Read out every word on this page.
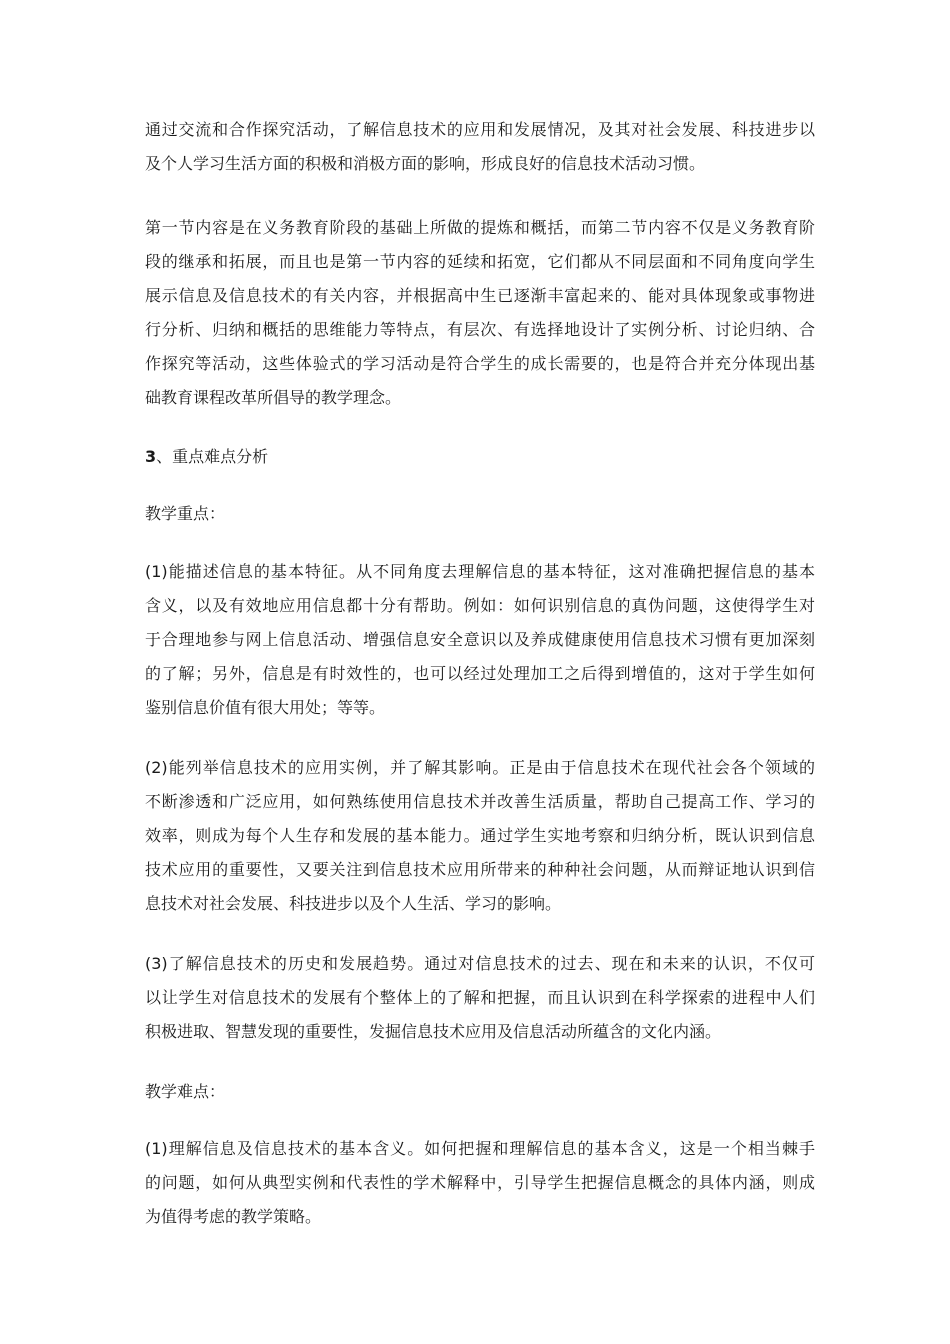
通过交流和合作探究活动，了解信息技术的应用和发展情况，及其对社会发展、科技进步以
及个人学习生活方面的积极和消极方面的影响，形成良好的信息技术活动习惯。
第一节内容是在义务教育阶段的基础上所做的提炼和概括，而第二节内容不仅是义务教育阶
段的继承和拓展，而且也是第一节内容的延续和拓宽，它们都从不同层面和不同角度向学生
展示信息及信息技术的有关内容，并根据高中生已逐渐丰富起来的、能对具体现象或事物进
行分析、归纳和概括的思维能力等特点，有层次、有选择地设计了实例分析、讨论归纳、合
作探究等活动，这些体验式的学习活动是符合学生的成长需要的，也是符合并充分体现出基
础教育课程改革所倡导的教学理念。
3、重点难点分析
教学重点：
(1)能描述信息的基本特征。从不同角度去理解信息的基本特征，这对准确把握信息的基本
含义，以及有效地应用信息都十分有帮助。例如：如何识别信息的真伪问题，这使得学生对
于合理地参与网上信息活动、增强信息安全意识以及养成健康使用信息技术习惯有更加深刻
的了解；另外，信息是有时效性的，也可以经过处理加工之后得到增值的，这对于学生如何
鉴别信息价值有很大用处；等等。
(2)能列举信息技术的应用实例，并了解其影响。正是由于信息技术在现代社会各个领域的
不断渗透和广泛应用，如何熟练使用信息技术并改善生活质量，帮助自己提高工作、学习的
效率，则成为每个人生存和发展的基本能力。通过学生实地考察和归纳分析，既认识到信息
技术应用的重要性，又要关注到信息技术应用所带来的种种社会问题，从而辩证地认识到信
息技术对社会发展、科技进步以及个人生活、学习的影响。
(3)了解信息技术的历史和发展趋势。通过对信息技术的过去、现在和未来的认识，不仅可
以让学生对信息技术的发展有个整体上的了解和把握，而且认识到在科学探索的进程中人们
积极进取、智慧发现的重要性，发掘信息技术应用及信息活动所蕴含的文化内涵。
教学难点：
(1)理解信息及信息技术的基本含义。如何把握和理解信息的基本含义，这是一个相当棘手
的问题，如何从典型实例和代表性的学术解释中，引导学生把握信息概念的具体内涵，则成
为值得考虑的教学策略。
